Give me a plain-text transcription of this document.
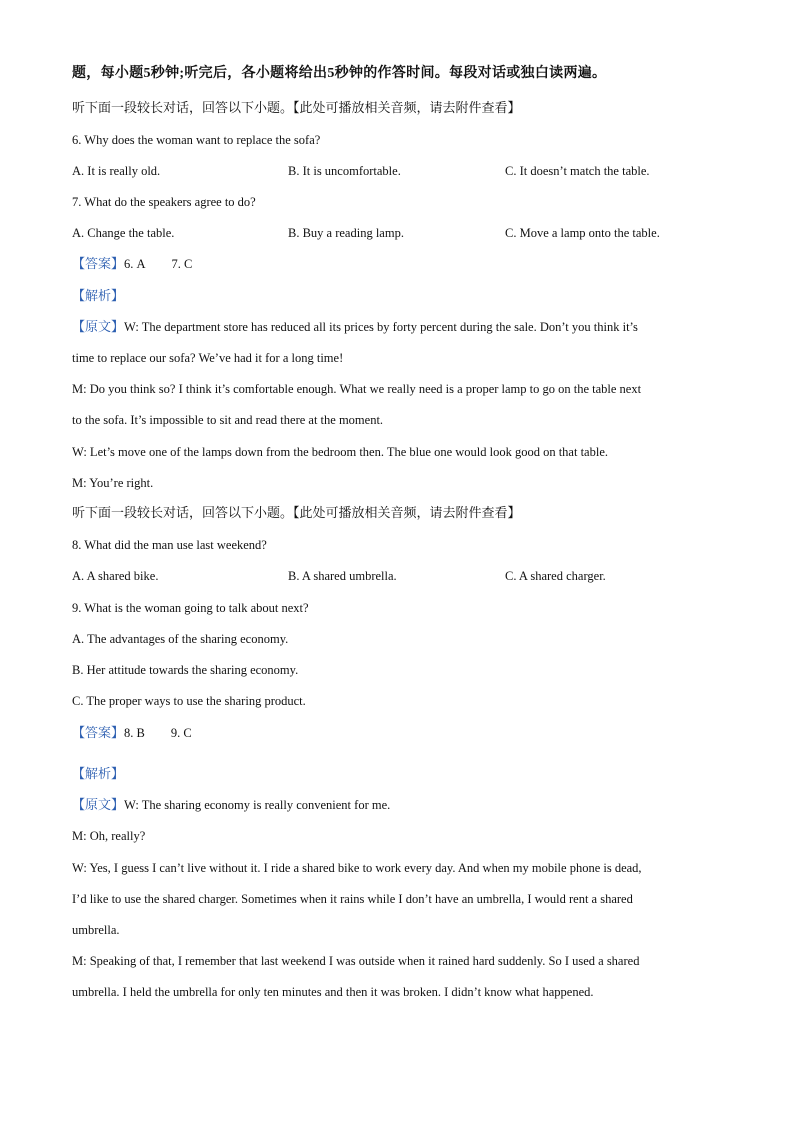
题，每小题5秒钟;听完后，各小题将给出5秒钟的作答时间。每段对话或独白读两遍。
听下面一段较长对话，回答以下小题。【此处可播放相关音频，请去附件查看】
6. Why does the woman want to replace the sofa?
A. It is really old.	B. It is uncomfortable.	C. It doesn’t match the table.
7. What do the speakers agree to do?
A. Change the table.	B. Buy a reading lamp.	C. Move a lamp onto the table.
【答案】6. A 7. C
【解析】
【原文】W: The department store has reduced all its prices by forty percent during the sale. Don’t you think it’s
time to replace our sofa? We’ve had it for a long time!
M: Do you think so? I think it’s comfortable enough. What we really need is a proper lamp to go on the table next
to the sofa. It’s impossible to sit and read there at the moment.
W: Let’s move one of the lamps down from the bedroom then. The blue one would look good on that table.
M: You’re right.
听下面一段较长对话，回答以下小题。【此处可播放相关音频，请去附件查看】
8. What did the man use last weekend?
A. A shared bike.	B. A shared umbrella.	C. A shared charger.
9. What is the woman going to talk about next?
A. The advantages of the sharing economy.
B. Her attitude towards the sharing economy.
C. The proper ways to use the sharing product.
【答案】8. B 9. C
【解析】
【原文】W: The sharing economy is really convenient for me.
M: Oh, really?
W: Yes, I guess I can’t live without it. I ride a shared bike to work every day. And when my mobile phone is dead,
I’d like to use the shared charger. Sometimes when it rains while I don’t have an umbrella, I would rent a shared
umbrella.
M: Speaking of that, I remember that last weekend I was outside when it rained hard suddenly. So I used a shared
umbrella. I held the umbrella for only ten minutes and then it was broken. I didn’t know what happened.
